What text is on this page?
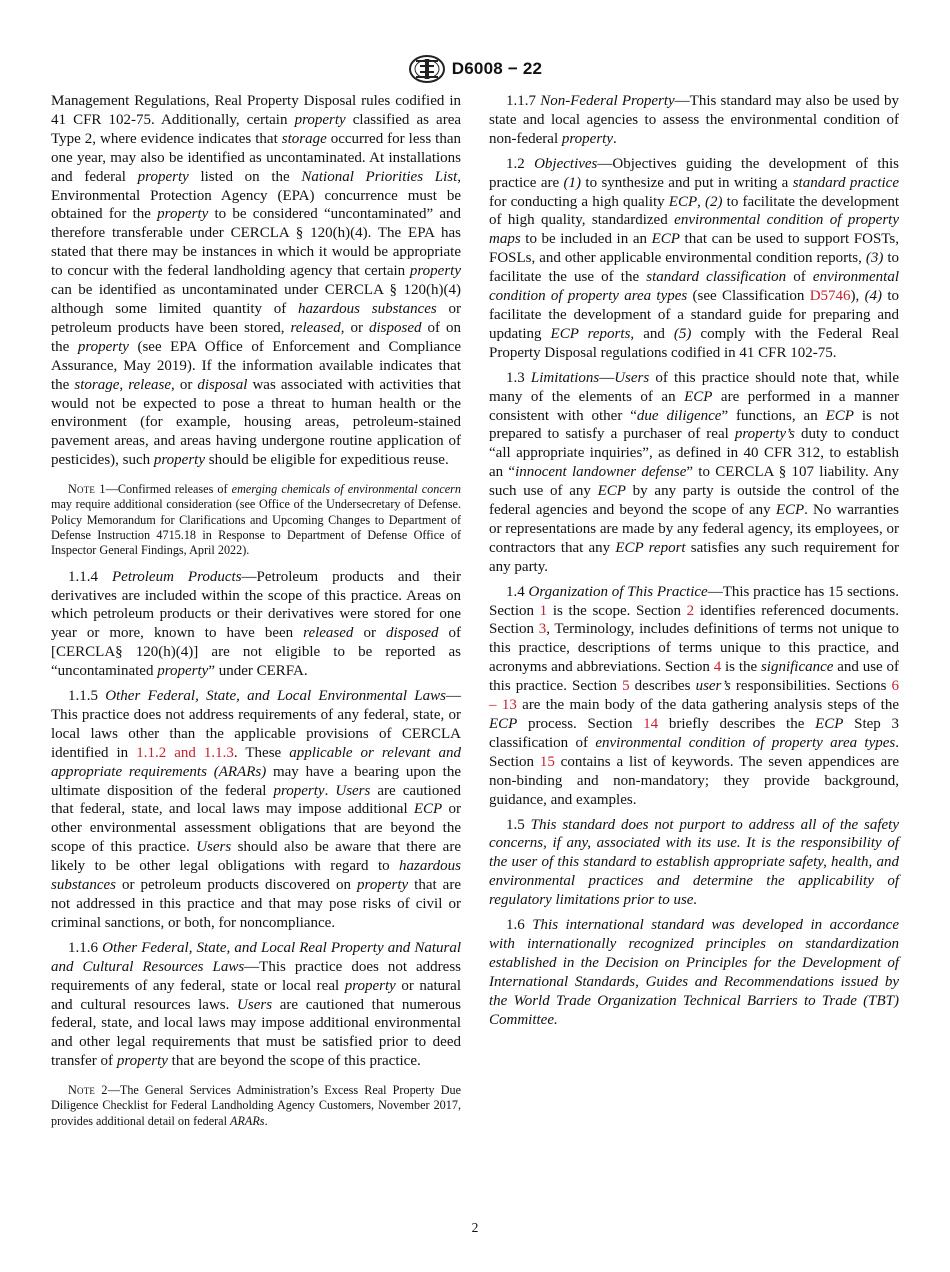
D6008 − 22

Management Regulations, Real Property Disposal rules codified in 41 CFR 102-75. Additionally, certain property classified as area Type 2, where evidence indicates that storage occurred for less than one year, may also be identified as uncontaminated. At installations and federal property listed on the National Priorities List, Environmental Protection Agency (EPA) concurrence must be obtained for the property to be considered “uncontaminated” and therefore transferable under CERCLA § 120(h)(4). The EPA has stated that there may be instances in which it would be appropriate to concur with the federal landholding agency that certain property can be identified as uncontaminated under CERCLA § 120(h)(4) although some limited quantity of hazardous substances or petroleum products have been stored, released, or disposed of on the property (see EPA Office of Enforcement and Compliance Assurance, May 2019). If the information available indicates that the storage, release, or disposal was associated with activities that would not be expected to pose a threat to human health or the environment (for example, housing areas, petroleum-stained pavement areas, and areas having undergone routine application of pesticides), such property should be eligible for expeditious reuse.

Note 1—Confirmed releases of emerging chemicals of environmental concern may require additional consideration (see Office of the Undersecretary of Defense. Policy Memorandum for Clarifications and Upcoming Changes to Department of Defense Instruction 4715.18 in Response to Department of Defense Office of Inspector General Findings, April 2022).

1.1.4 Petroleum Products—Petroleum products and their derivatives are included within the scope of this practice. Areas on which petroleum products or their derivatives were stored for one year or more, known to have been released or disposed of [CERCLA§ 120(h)(4)] are not eligible to be reported as “uncontaminated property” under CERFA.

1.1.5 Other Federal, State, and Local Environmental Laws—This practice does not address requirements of any federal, state, or local laws other than the applicable provisions of CERCLA identified in 1.1.2 and 1.1.3. These applicable or relevant and appropriate requirements (ARARs) may have a bearing upon the ultimate disposition of the federal property. Users are cautioned that federal, state, and local laws may impose additional ECP or other environmental assessment obligations that are beyond the scope of this practice. Users should also be aware that there are likely to be other legal obligations with regard to hazardous substances or petroleum products discovered on property that are not addressed in this practice and that may pose risks of civil or criminal sanctions, or both, for noncompliance.

1.1.6 Other Federal, State, and Local Real Property and Natural and Cultural Resources Laws—This practice does not address requirements of any federal, state or local real property or natural and cultural resources laws. Users are cautioned that numerous federal, state, and local laws may impose additional environmental and other legal requirements that must be satisfied prior to deed transfer of property that are beyond the scope of this practice.

Note 2—The General Services Administration’s Excess Real Property Due Diligence Checklist for Federal Landholding Agency Customers, November 2017, provides additional detail on federal ARARs.

1.1.7 Non-Federal Property—This standard may also be used by state and local agencies to assess the environmental condition of non-federal property.

1.2 Objectives—Objectives guiding the development of this practice are (1) to synthesize and put in writing a standard practice for conducting a high quality ECP, (2) to facilitate the development of high quality, standardized environmental condition of property maps to be included in an ECP that can be used to support FOSTs, FOSLs, and other applicable environmental condition reports, (3) to facilitate the use of the standard classification of environmental condition of property area types (see Classification D5746), (4) to facilitate the development of a standard guide for preparing and updating ECP reports, and (5) comply with the Federal Real Property Disposal regulations codified in 41 CFR 102-75.

1.3 Limitations—Users of this practice should note that, while many of the elements of an ECP are performed in a manner consistent with other “due diligence” functions, an ECP is not prepared to satisfy a purchaser of real property’s duty to conduct “all appropriate inquiries”, as defined in 40 CFR 312, to establish an “innocent landowner defense” to CERCLA § 107 liability. Any such use of any ECP by any party is outside the control of the federal agencies and beyond the scope of any ECP. No warranties or representations are made by any federal agency, its employees, or contractors that any ECP report satisfies any such requirement for any party.

1.4 Organization of This Practice—This practice has 15 sections. Section 1 is the scope. Section 2 identifies referenced documents. Section 3, Terminology, includes definitions of terms not unique to this practice, descriptions of terms unique to this practice, and acronyms and abbreviations. Section 4 is the significance and use of this practice. Section 5 describes user’s responsibilities. Sections 6 – 13 are the main body of the data gathering analysis steps of the ECP process. Section 14 briefly describes the ECP Step 3 classification of environmental condition of property area types. Section 15 contains a list of keywords. The seven appendices are non-binding and non-mandatory; they provide background, guidance, and examples.

1.5 This standard does not purport to address all of the safety concerns, if any, associated with its use. It is the responsibility of the user of this standard to establish appropriate safety, health, and environmental practices and determine the applicability of regulatory limitations prior to use.

1.6 This international standard was developed in accordance with internationally recognized principles on standardization established in the Decision on Principles for the Development of International Standards, Guides and Recommendations issued by the World Trade Organization Technical Barriers to Trade (TBT) Committee.

2
